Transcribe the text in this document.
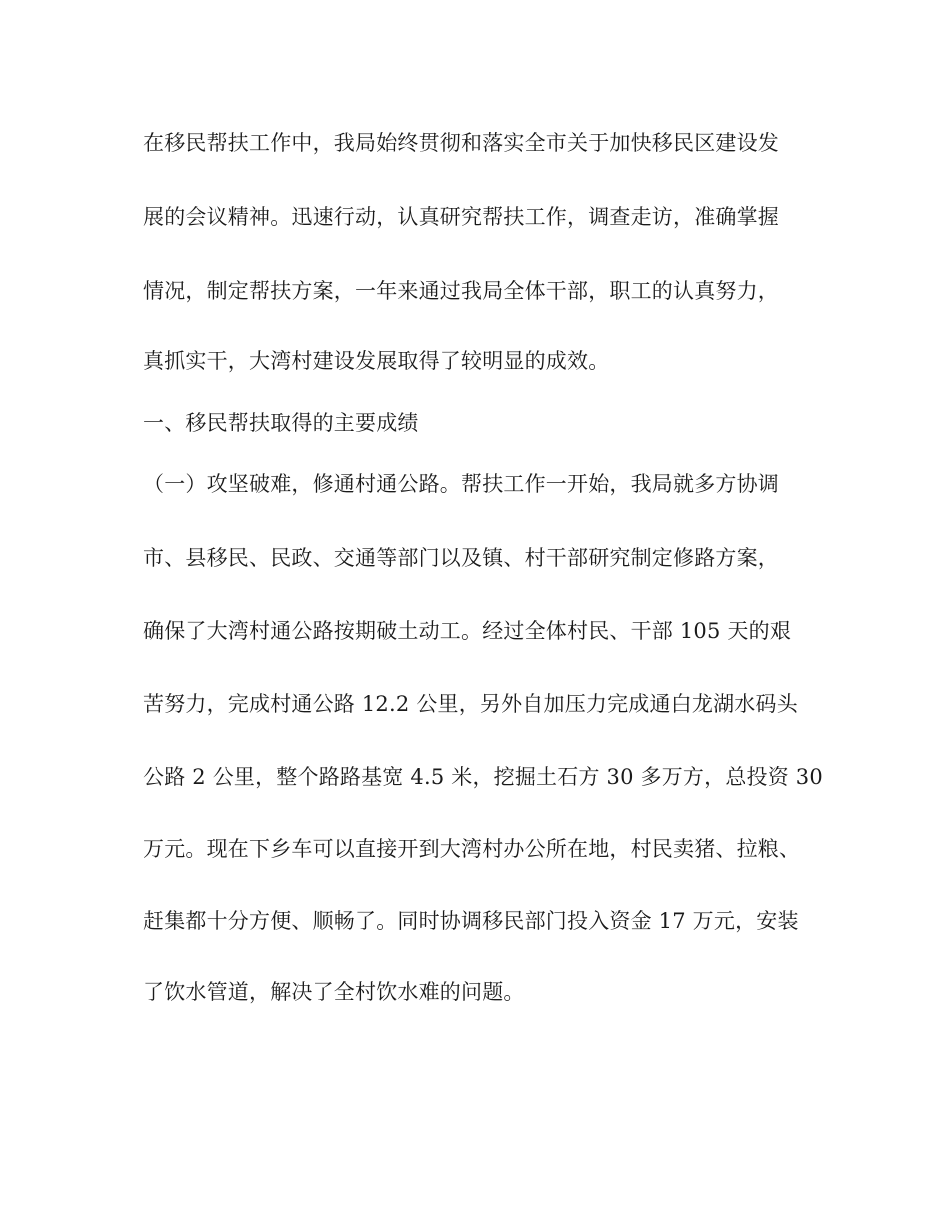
在移民帮扶工作中，我局始终贯彻和落实全市关于加快移民区建设发
展的会议精神。迅速行动，认真研究帮扶工作，调查走访，准确掌握
情况，制定帮扶方案，一年来通过我局全体干部，职工的认真努力，
真抓实干，大湾村建设发展取得了较明显的成效。
一、移民帮扶取得的主要成绩
（一）攻坚破难，修通村通公路。帮扶工作一开始，我局就多方协调
市、县移民、民政、交通等部门以及镇、村干部研究制定修路方案，
确保了大湾村通公路按期破土动工。经过全体村民、干部 105 天的艰
苦努力，完成村通公路 12.2 公里，另外自加压力完成通白龙湖水码头
公路 2 公里，整个路路基宽 4.5 米，挖掘土石方 30 多万方，总投资 30
万元。现在下乡车可以直接开到大湾村办公所在地，村民卖猪、拉粮、
赶集都十分方便、顺畅了。同时协调移民部门投入资金 17 万元，安装
了饮水管道，解决了全村饮水难的问题。
